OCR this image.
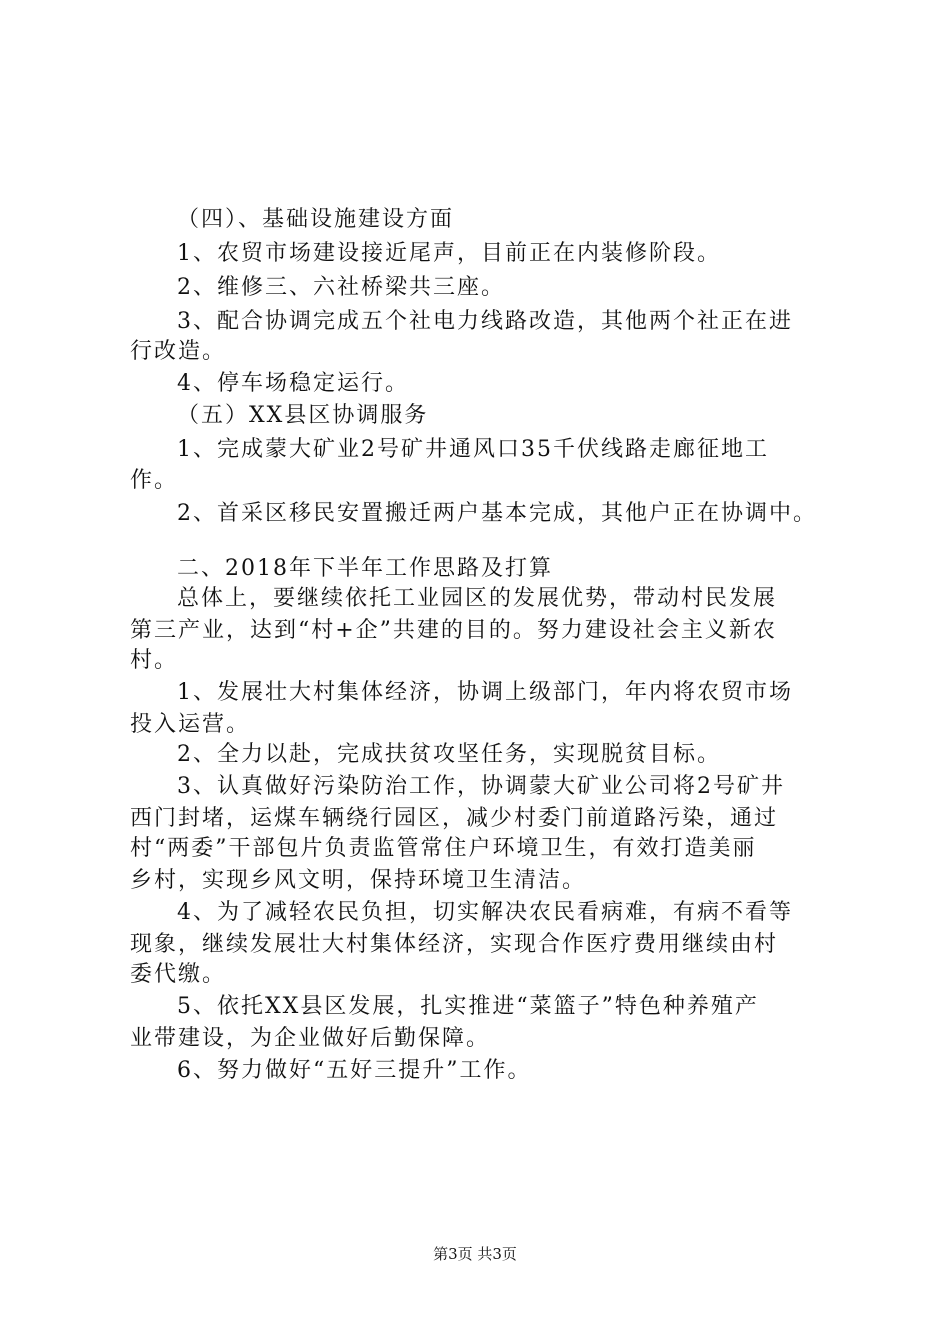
（四）、基础设施建设方面
1、农贸市场建设接近尾声，目前正在内装修阶段。
2、维修三、六社桥梁共三座。
3、配合协调完成五个社电力线路改造，其他两个社正在进
行改造。
4、停车场稳定运行。
（五）XX县区协调服务
1、完成蒙大矿业2号矿井通风口35千伏线路走廊征地工
作。
2、首采区移民安置搬迁两户基本完成，其他户正在协调中。
二、2018年下半年工作思路及打算
总体上，要继续依托工业园区的发展优势，带动村民发展
第三产业，达到“村+企”共建的目的。努力建设社会主义新农
村。
1、发展壮大村集体经济，协调上级部门，年内将农贸市场
投入运营。
2、全力以赴，完成扶贫攻坚任务，实现脱贫目标。
3、认真做好污染防治工作，协调蒙大矿业公司将2号矿井
西门封堵，运煤车辆绕行园区，减少村委门前道路污染，通过
村“两委”干部包片负责监管常住户环境卫生，有效打造美丽
乡村，实现乡风文明，保持环境卫生清洁。
4、为了减轻农民负担，切实解决农民看病难，有病不看等
现象，继续发展壮大村集体经济，实现合作医疗费用继续由村
委代缴。
5、依托XX县区发展，扎实推进“菜篮子”特色种养殖产
业带建设，为企业做好后勤保障。
6、努力做好“五好三提升”工作。
第3页 共3页
